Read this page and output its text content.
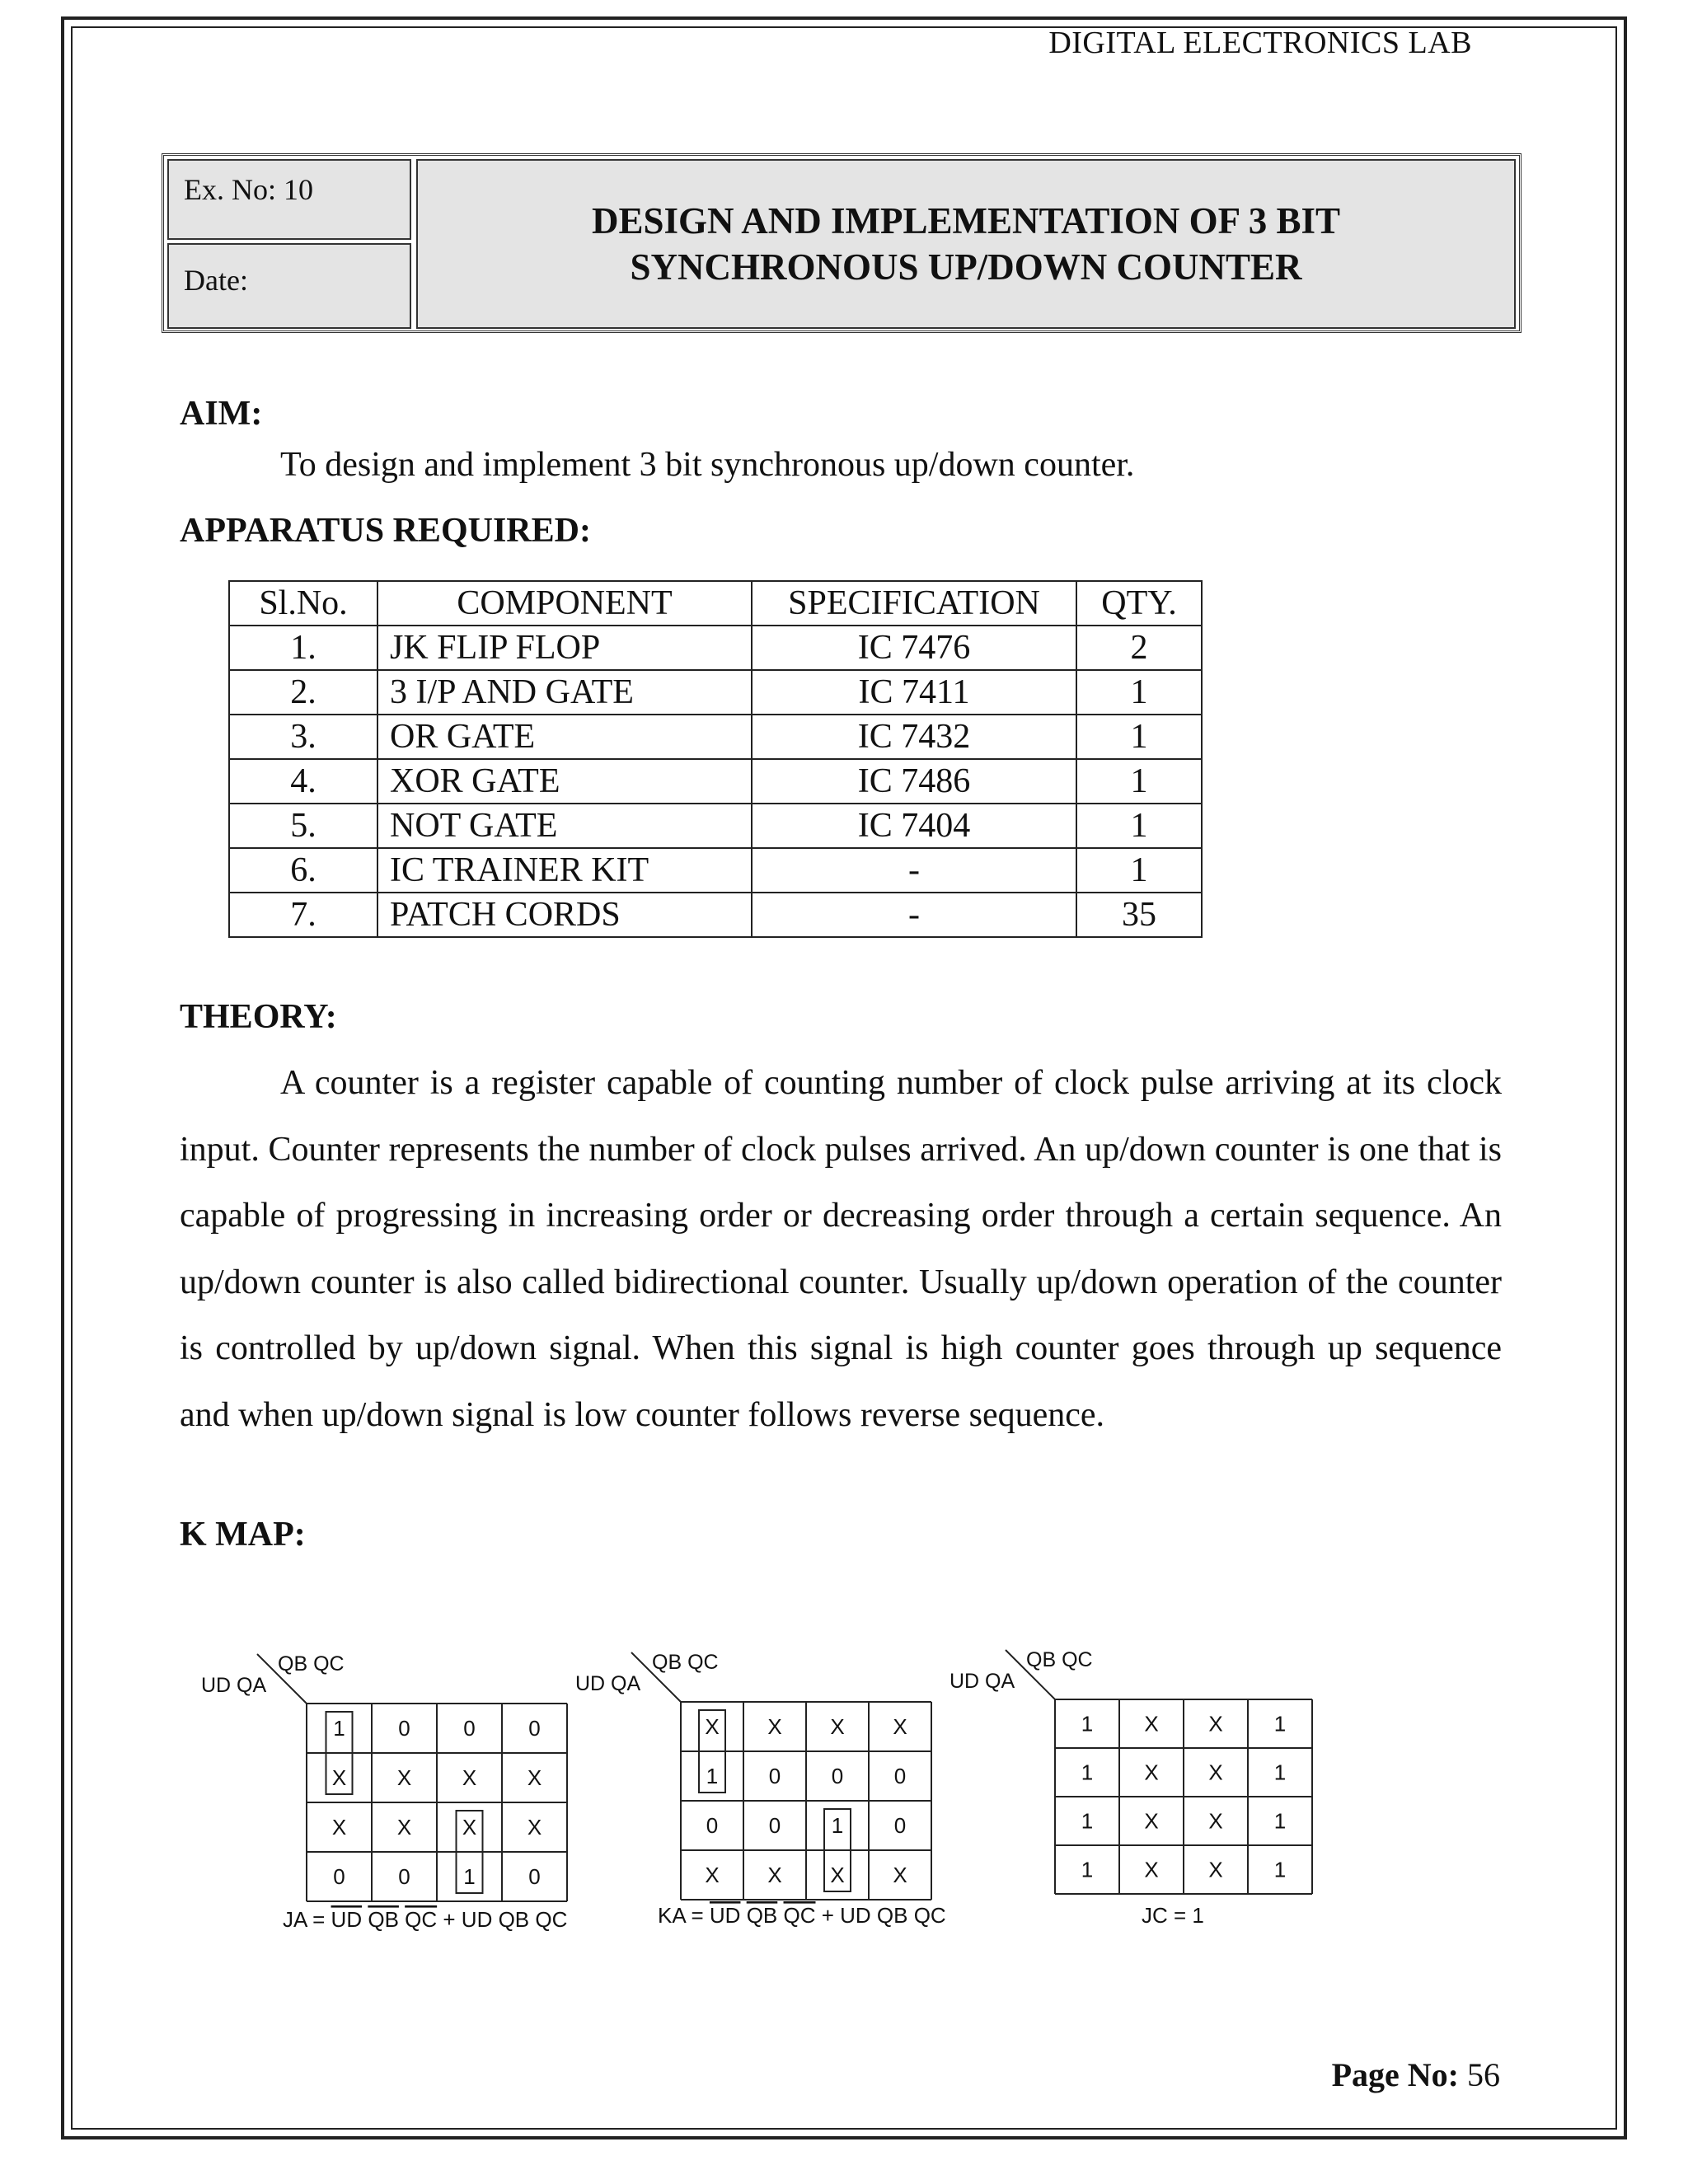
DIGITAL ELECTRONICS LAB
Ex. No: 10
Date:
DESIGN AND IMPLEMENTATION OF 3 BIT
SYNCHRONOUS UP/DOWN COUNTER
AIM:
To design and implement 3 bit synchronous up/down counter.
APPARATUS REQUIRED:
Sl.No.	COMPONENT	SPECIFICATION	QTY.
1.	JK FLIP FLOP	IC 7476	2
2.	3 I/P AND GATE	IC 7411	1
3.	OR GATE	IC 7432	1
4.	XOR GATE	IC 7486	1
5.	NOT GATE	IC 7404	1
6.	IC TRAINER KIT	-	1
7.	PATCH CORDS	-	35
THEORY:
A counter is a register capable of counting number of clock pulse arriving at its clock input. Counter represents the number of clock pulses arrived. An up/down counter is one that is capable of progressing in increasing order or decreasing order through a certain sequence. An up/down counter is also called bidirectional counter. Usually up/down operation of the counter is controlled by up/down signal. When this signal is high counter goes through up sequence and when up/down signal is low counter follows reverse sequence.
K MAP:
QB QC
UD QA
1 0 0 0
X X X X
X X X X
0 0 1 0
JA = UD QB QC + UD QB QC
QB QC
UD QA
X X X X
1 0 0 0
0 0 1 0
X X X X
KA = UD QB QC + UD QB QC
QB QC
UD QA
1 X X 1
1 X X 1
1 X X 1
1 X X 1
JC = 1
Page No: 56
